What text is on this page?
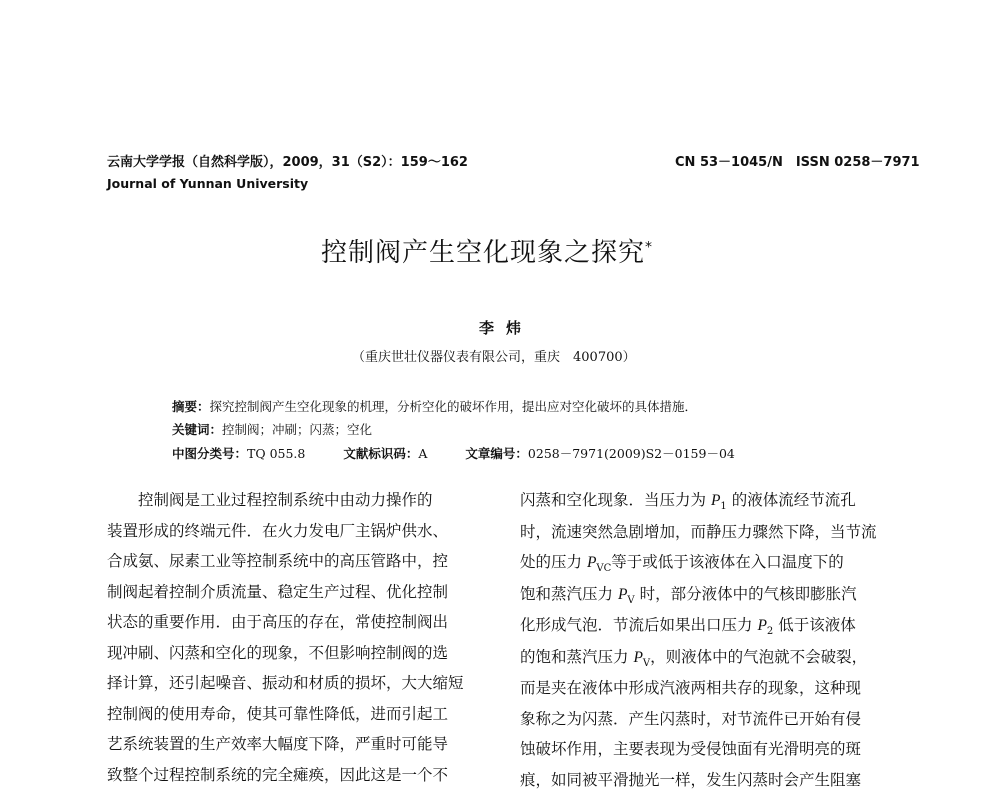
云南大学学报（自然科学版），2009，31（S2）：159～162	CN 53－1045/N　ISSN 0258－7971
Journal of Yunnan University
控制阀产生空化现象之探究*
李炜
（重庆世壮仪器仪表有限公司，重庆　400700）
摘要：探究控制阀产生空化现象的机理，分析空化的破坏作用，提出应对空化破坏的具体措施．
关键词：控制阀；冲刷；闪蒸；空化
中图分类号：TQ 055.8	文献标识码：A	文章编号：0258－7971(2009)S2－0159－04

控制阀是工业过程控制系统中由动力操作的

装置形成的终端元件．在火力发电厂主锅炉供水、

合成氨、尿素工业等控制系统中的高压管路中，控

制阀起着控制介质流量、稳定生产过程、优化控制

状态的重要作用．由于高压的存在，常使控制阀出

现冲刷、闪蒸和空化的现象，不但影响控制阀的选

择计算，还引起噪音、振动和材质的损坏，大大缩短

控制阀的使用寿命，使其可靠性降低，进而引起工

艺系统装置的生产效率大幅度下降，严重时可能导

致整个过程控制系统的完全瘫痪，因此这是一个不

闪蒸和空化现象．当压力为 $P_1$ 的液体流经节流孔

时，流速突然急剧增加，而静压力骤然下降，当节流

处的压力 $P_{VC}$等于或低于该液体在入口温度下的

饱和蒸汽压力 $P_V$ 时，部分液体中的气核即膨胀汽

化形成气泡．节流后如果出口压力 $P_2$ 低于该液体

的饱和蒸汽压力 $P_V$，则液体中的气泡就不会破裂，

而是夹在液体中形成汽液两相共存的现象，这种现

象称之为闪蒸．产生闪蒸时，对节流件已开始有侵

蚀破坏作用，主要表现为受侵蚀面有光滑明亮的斑

痕，如同被平滑抛光一样，发生闪蒸时会产生阻塞
